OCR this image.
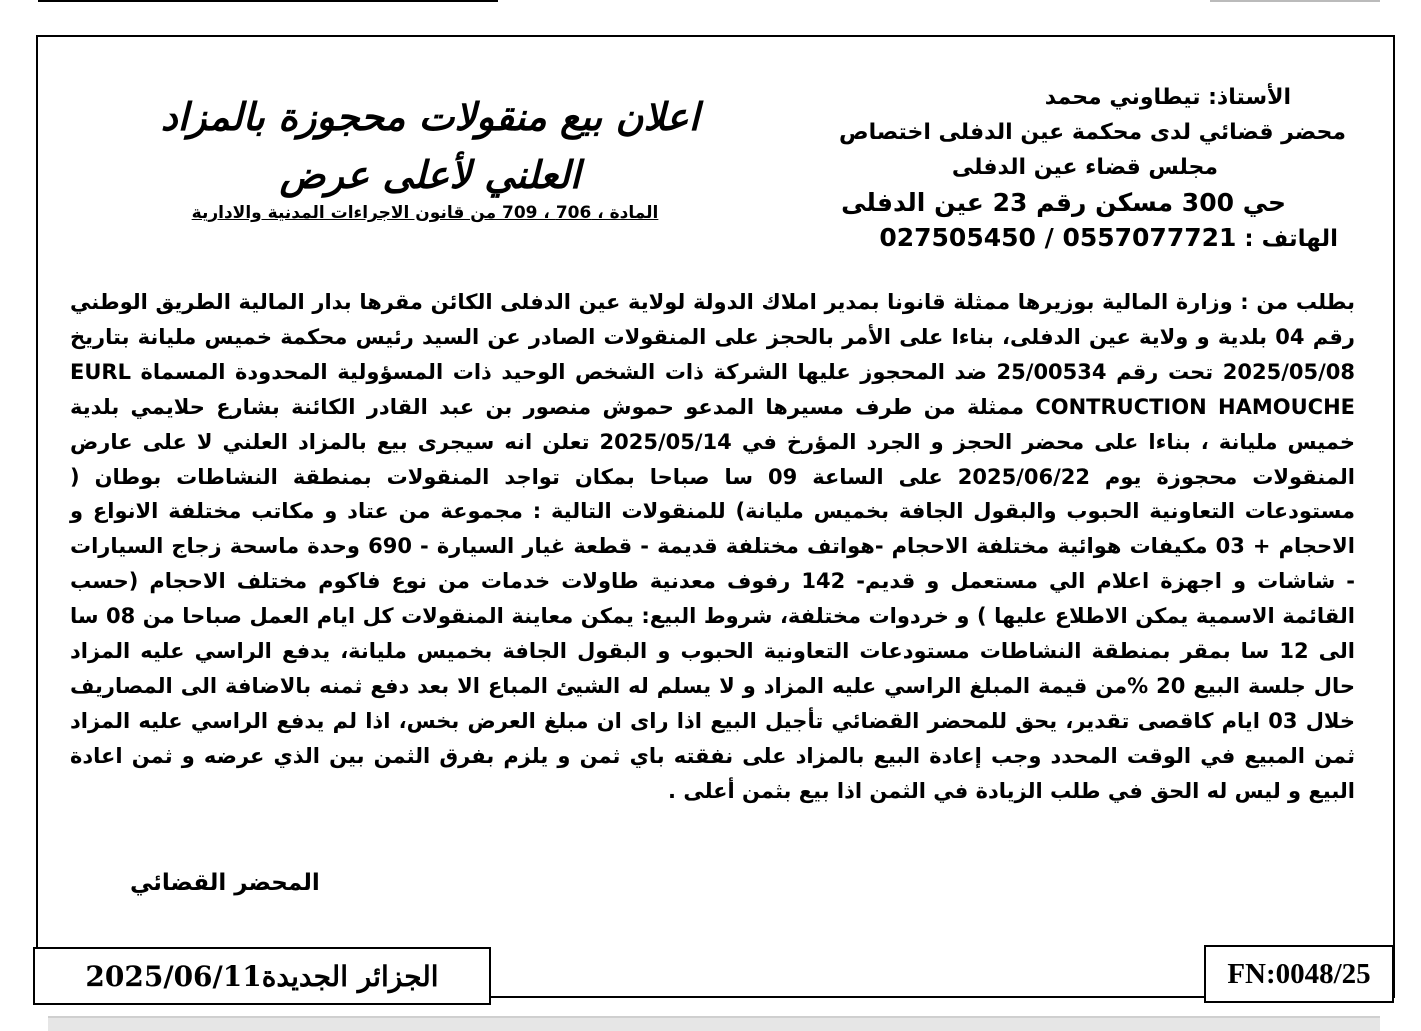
الأستاذ: تيطاوني محمد
محضر قضائي لدى محكمة عين الدفلى اختصاص
مجلس قضاء عين الدفلى
حي 300 مسكن رقم 23 عين الدفلى
الهاتف : 0557077721 / 027505450
اعلان بيع منقولات محجوزة بالمزاد
العلني لأعلى عرض
المادة ، 706 ، 709 من قانون الاجراءات المدنية والادارية
بطلب من : وزارة المالية بوزيرها ممثلة قانونا بمدير املاك الدولة لولاية عين الدفلى الكائن مقرها بدار المالية الطريق الوطني رقم 04 بلدية و ولاية عين الدفلى، بناءا على الأمر بالحجز على المنقولات الصادر عن السيد رئيس محكمة خميس مليانة بتاريخ 2025/05/08 تحت رقم 25/00534 ضد المحجوز عليها الشركة ذات الشخص الوحيد ذات المسؤولية المحدودة المسماة EURL CONTRUCTION HAMOUCHE ممثلة من طرف مسيرها المدعو حموش منصور بن عبد القادر الكائنة بشارع حلايمي بلدية خميس مليانة ، بناءا على محضر الحجز و الجرد المؤرخ في 2025/05/14 تعلن انه سيجرى بيع بالمزاد العلني لا على عارض المنقولات محجوزة يوم 2025/06/22 على الساعة 09 سا صباحا بمكان تواجد المنقولات بمنطقة النشاطات بوطان ( مستودعات التعاونية الحبوب والبقول الجافة بخميس مليانة) للمنقولات التالية : مجموعة من عتاد و مكاتب مختلفة الانواع و الاحجام + 03 مكيفات هوائية مختلفة الاحجام -هواتف مختلفة قديمة - قطعة غيار السيارة - 690 وحدة ماسحة زجاج السيارات - شاشات و اجهزة اعلام الي مستعمل و قديم- 142 رفوف معدنية طاولات خدمات من نوع فاكوم مختلف الاحجام (حسب القائمة الاسمية يمكن الاطلاع عليها ) و خردوات مختلفة، شروط البيع: يمكن معاينة المنقولات كل ايام العمل صباحا من 08 سا الى 12 سا بمقر بمنطقة النشاطات مستودعات التعاونية الحبوب و البقول الجافة بخميس مليانة، يدفع الراسي عليه المزاد حال جلسة البيع 20 %من قيمة المبلغ الراسي عليه المزاد و لا يسلم له الشيئ المباع الا بعد دفع ثمنه بالاضافة الى المصاريف خلال 03 ايام كاقصى تقدير، يحق للمحضر القضائي تأجيل البيع اذا راى ان مبلغ العرض بخس، اذا لم يدفع الراسي عليه المزاد ثمن المبيع في الوقت المحدد وجب إعادة البيع بالمزاد على نفقته باي ثمن و يلزم بفرق الثمن بين الذي عرضه و ثمن اعادة البيع و ليس له الحق في طلب الزيادة في الثمن اذا بيع بثمن أعلى .
المحضر القضائي
الجزائر الجديدة2025/06/11	FN:0048/25
